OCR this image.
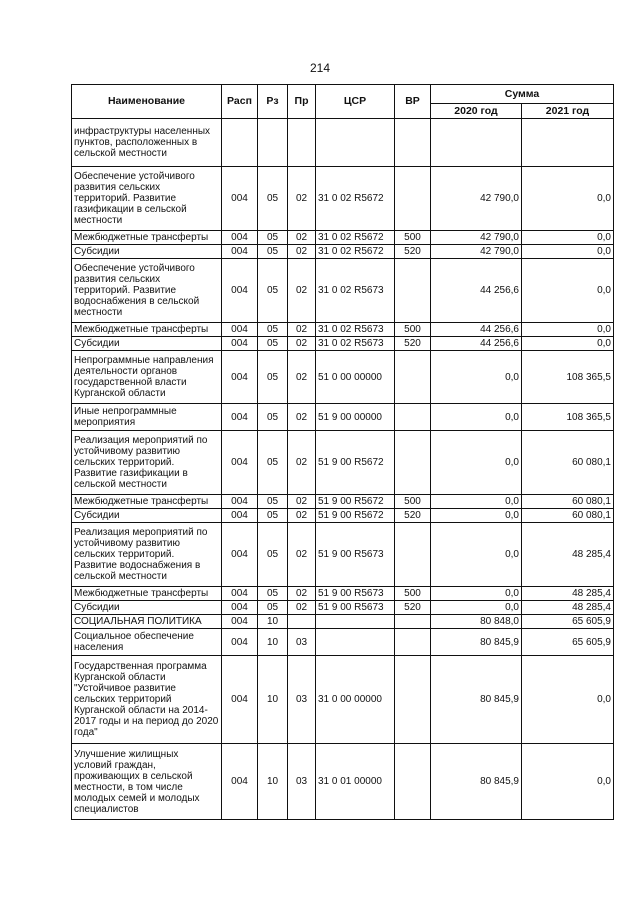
214
Наименование	Расп	Рз	Пр	ЦСР	ВР	Сумма	
						2020 год	2021 год
инфраструктуры населенных пунктов, расположенных в сельской местности							
Обеспечение устойчивого развития сельских территорий. Развитие газификации в сельской местности	004	05	02	31 0 02 R5672		42 790,0	0,0
Межбюджетные трансферты	004	05	02	31 0 02 R5672	500	42 790,0	0,0
Субсидии	004	05	02	31 0 02 R5672	520	42 790,0	0,0
Обеспечение устойчивого развития сельских территорий. Развитие водоснабжения в сельской местности	004	05	02	31 0 02 R5673		44 256,6	0,0
Межбюджетные трансферты	004	05	02	31 0 02 R5673	500	44 256,6	0,0
Субсидии	004	05	02	31 0 02 R5673	520	44 256,6	0,0
Непрограммные направления деятельности органов государственной власти Курганской области	004	05	02	51 0 00 00000		0,0	108 365,5
Иные непрограммные мероприятия	004	05	02	51 9 00 00000		0,0	108 365,5
Реализация мероприятий по устойчивому развитию сельских территорий. Развитие газификации в сельской местности	004	05	02	51 9 00 R5672		0,0	60 080,1
Межбюджетные трансферты	004	05	02	51 9 00 R5672	500	0,0	60 080,1
Субсидии	004	05	02	51 9 00 R5672	520	0,0	60 080,1
Реализация мероприятий по устойчивому развитию сельских территорий. Развитие водоснабжения в сельской местности	004	05	02	51 9 00 R5673		0,0	48 285,4
Межбюджетные трансферты	004	05	02	51 9 00 R5673	500	0,0	48 285,4
Субсидии	004	05	02	51 9 00 R5673	520	0,0	48 285,4
СОЦИАЛЬНАЯ ПОЛИТИКА	004	10				80 848,0	65 605,9
Социальное обеспечение населения	004	10	03			80 845,9	65 605,9
Государственная программа Курганской области "Устойчивое развитие сельских территорий Курганской области на 2014-2017 годы и на период до 2020 года"	004	10	03	31 0 00 00000		80 845,9	0,0
Улучшение жилищных условий граждан, проживающих в сельской местности, в том числе молодых семей и молодых специалистов	004	10	03	31 0 01 00000		80 845,9	0,0
